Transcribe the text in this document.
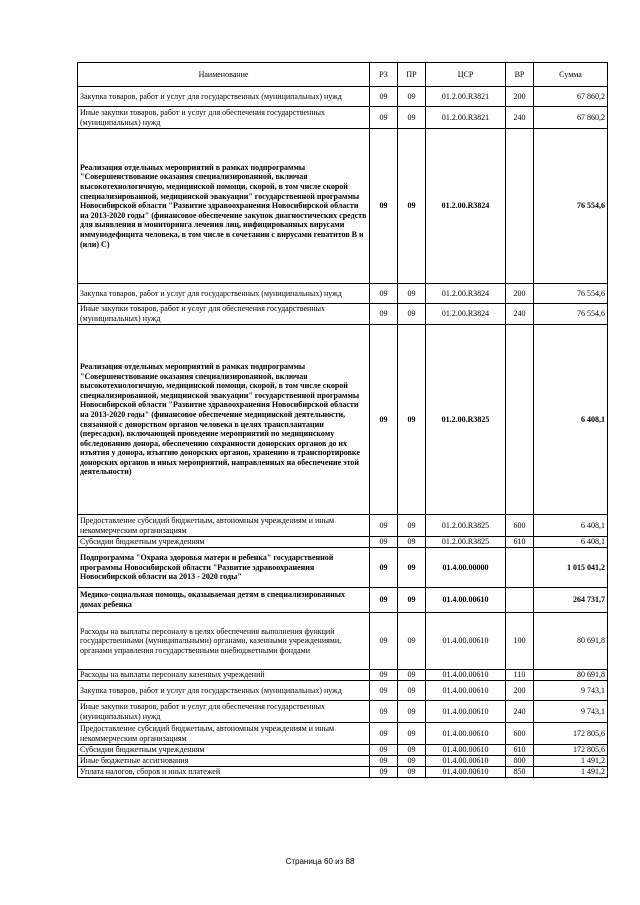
Наименование	РЗ	ПР	ЦСР	ВР	Сумма
Закупка товаров, работ и услуг для государственных (муниципальных) нужд	09	09	01.2.00.R3821	200	67 860,2
Иные закупки товаров, работ и услуг для обеспечения государственных (муниципальных) нужд	09	09	01.2.00.R3821	240	67 860,2
Реализация отдельных мероприятий в рамках подпрограммы "Совершенствование оказания специализированной, включая высокотехнологичную, медицинской помощи, скорой, в том числе скорой специализированной, медицинской эвакуации" государственной программы Новосибирской области "Развитие здравоохранения Новосибирской области на 2013-2020 годы" (финансовое обеспечение закупок диагностических средств для выявления и мониторинга лечения лиц, инфицированных вирусами иммунодефицита человека, в том числе в сочетании с вирусами гепатитов В и (или) С)	09	09	01.2.00.R3824		76 554,6
Закупка товаров, работ и услуг для государственных (муниципальных) нужд	09	09	01.2.00.R3824	200	76 554,6
Иные закупки товаров, работ и услуг для обеспечения государственных (муниципальных) нужд	09	09	01.2.00.R3824	240	76 554,6
Реализация отдельных мероприятий в рамках подпрограммы "Совершенствование оказания специализированной, включая высокотехнологичную, медицинской помощи, скорой, в том числе скорой специализированной, медицинской эвакуации" государственной программы Новосибирской области "Развитие здравоохранения Новосибирской области на 2013-2020 годы" (финансовое обеспечение медицинской деятельности, связанной с донорством органов человека в целях трансплантации (пересадки), включающей проведение мероприятий по медицинскому обследованию донора, обеспечению сохранности донорских органов до их изъятия у донора, изъятию донорских органов, хранению и транспортировке донорских органов и иных мероприятий, направленных на обеспечение этой деятельности)	09	09	01.2.00.R3825		6 408,1
Предоставление субсидий бюджетным, автономным учреждениям и иным некоммерческим организациям	09	09	01.2.00.R3825	600	6 408,1
Субсидии бюджетным учреждениям	09	09	01.2.00.R3825	610	6 408,1
Подпрограмма "Охрана здоровья матери и ребенка" государственной программы Новосибирской области "Развитие здравоохранения Новосибирской области на 2013 - 2020 годы"	09	09	01.4.00.00000		1 015 041,2
Медико-социальная помощь, оказываемая детям в специализированных домах ребенка	09	09	01.4.00.00610		264 731,7
Расходы на выплаты персоналу в целях обеспечения выполнения функций государственными (муниципальными) органами, казенными учреждениями, органами управления государственными внебюджетными фондами	09	09	01.4.00.00610	100	80 691,8
Расходы на выплаты персоналу казенных учреждений	09	09	01.4.00.00610	110	80 691,8
Закупка товаров, работ и услуг для государственных (муниципальных) нужд	09	09	01.4.00.00610	200	9 743,1
Иные закупки товаров, работ и услуг для обеспечения государственных (муниципальных) нужд	09	09	01.4.00.00610	240	9 743,1
Предоставление субсидий бюджетным, автономным учреждениям и иным некоммерческим организациям	09	09	01.4.00.00610	600	172 805,6
Субсидии бюджетным учреждениям	09	09	01.4.00.00610	610	172 805,6
Иные бюджетные ассигнования	09	09	01.4.00.00610	800	1 491,2
Уплата налогов, сборов и иных платежей	09	09	01.4.00.00610	850	1 491,2
Страница 60 из 88
